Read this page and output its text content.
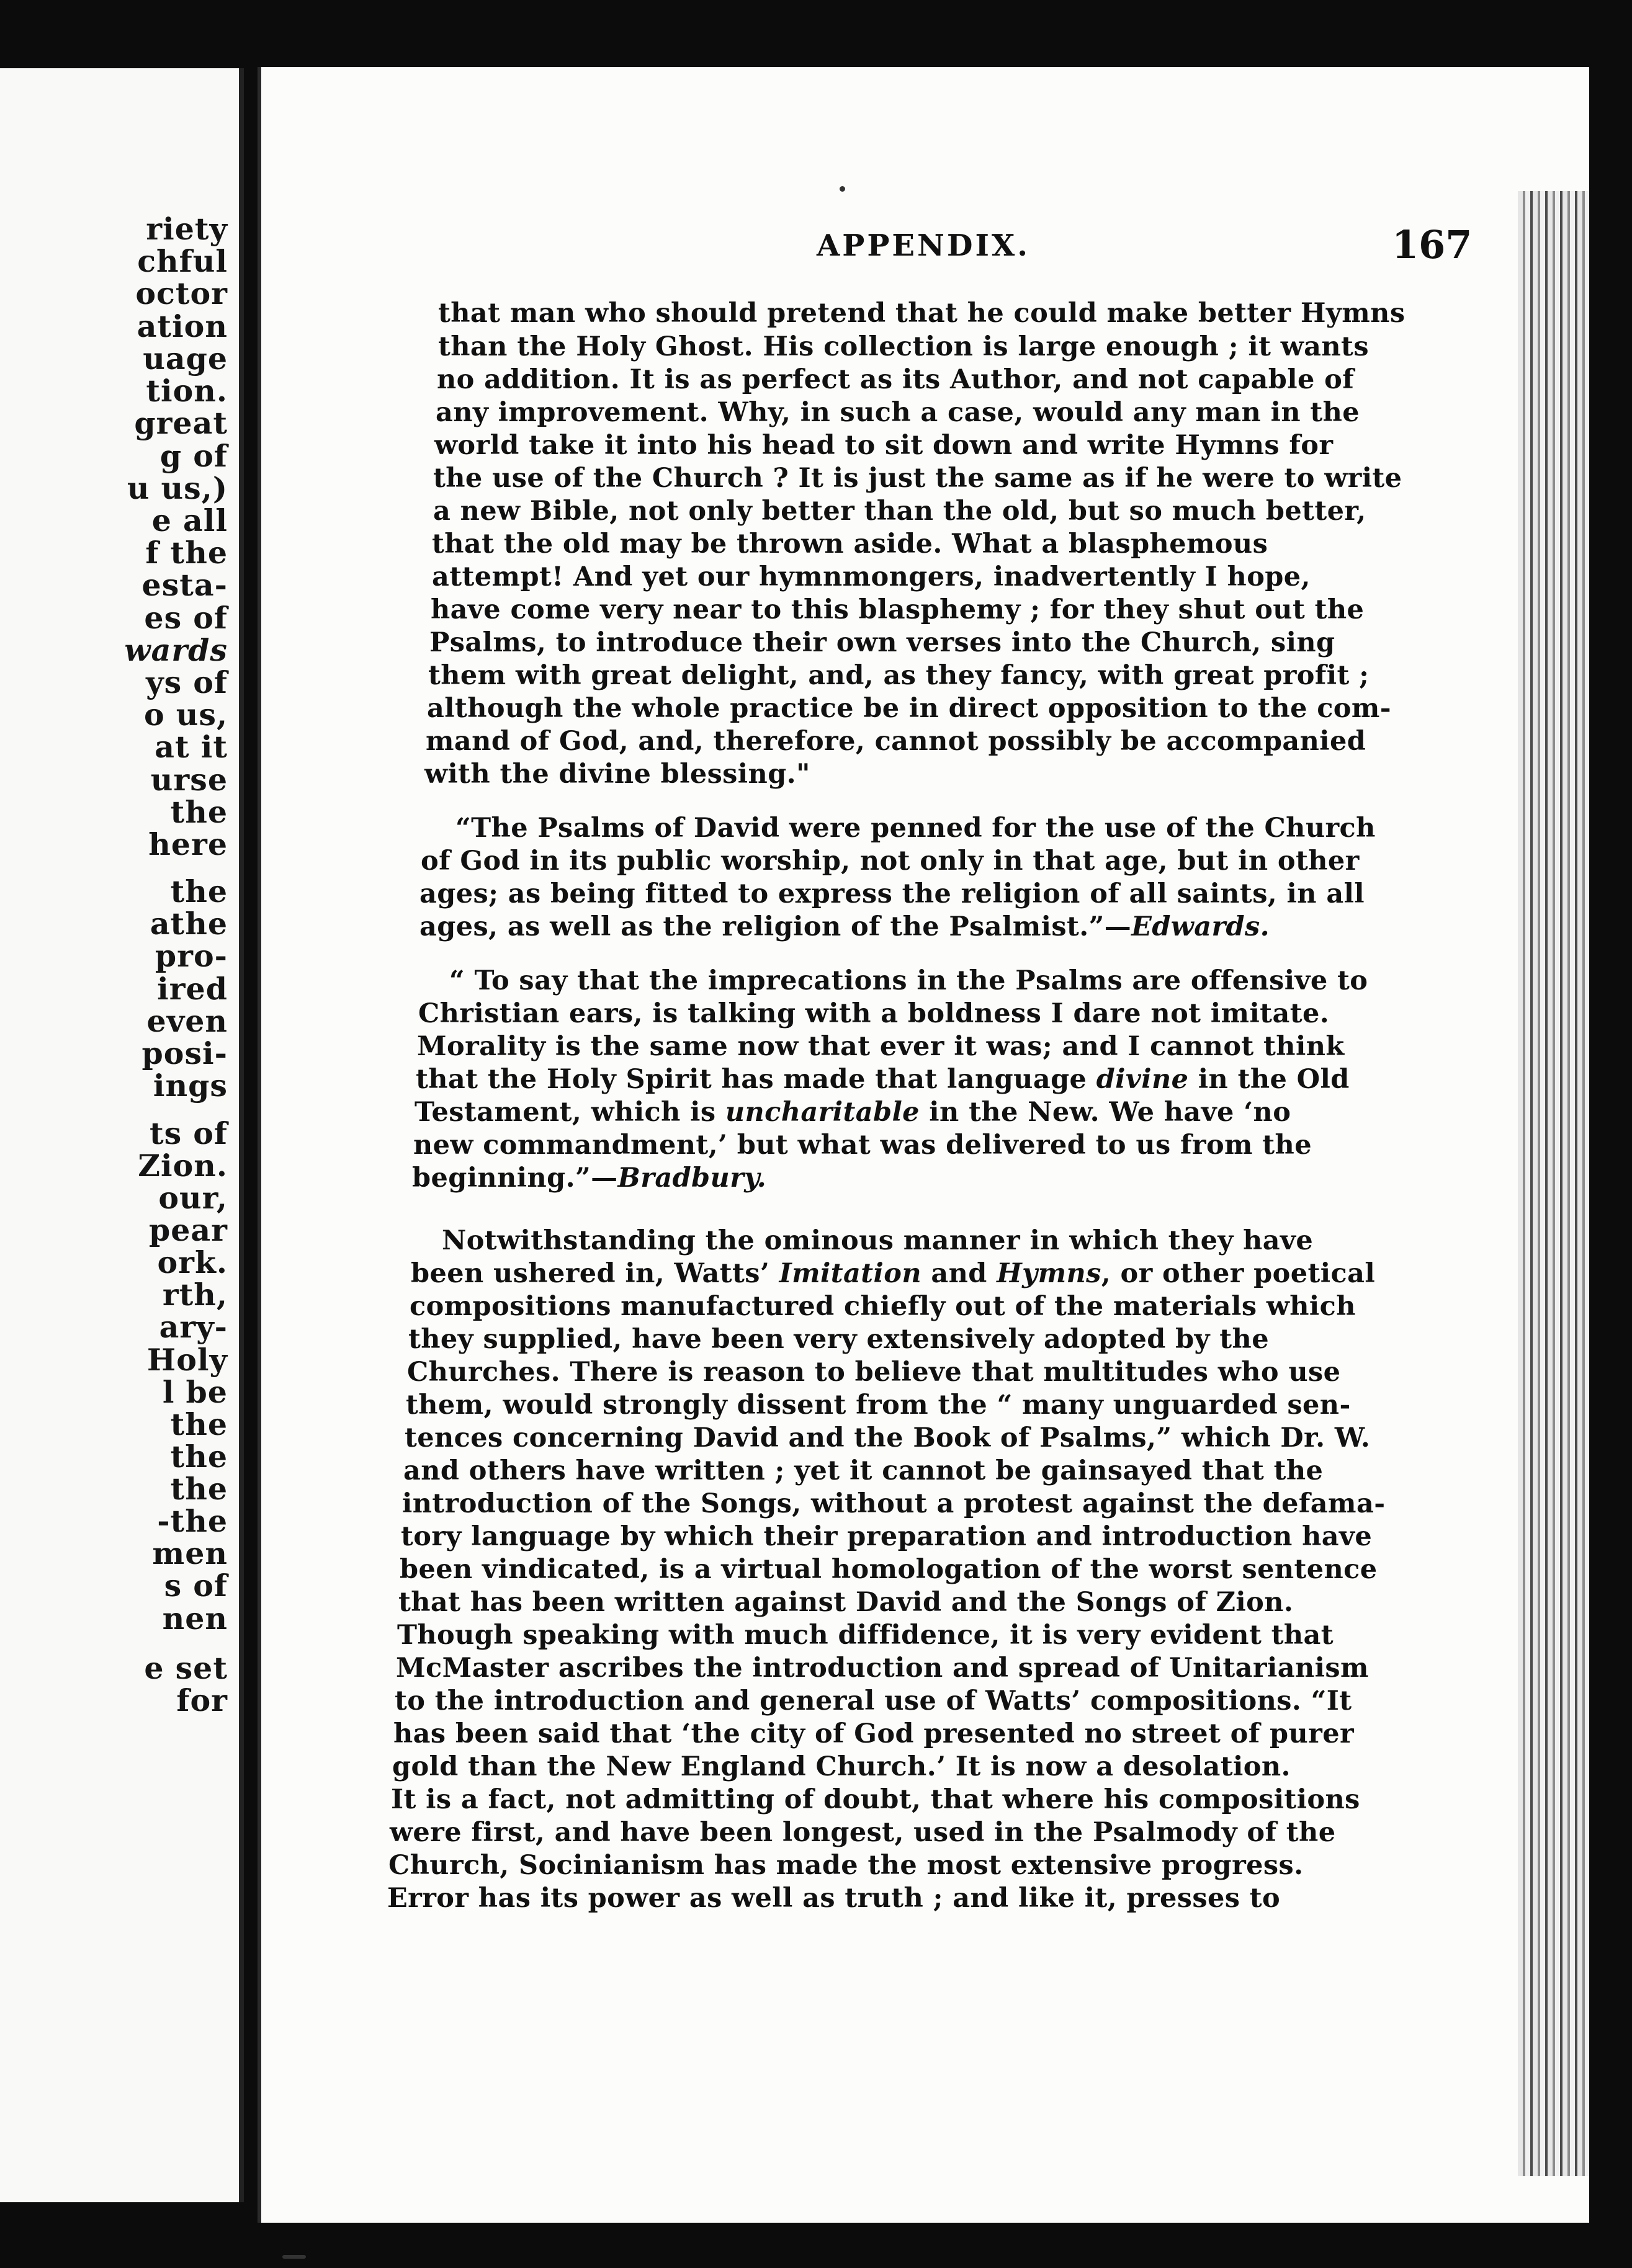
riety
chful
octor
ation
uage
tion.
great
g of
u us,)
e all
f the
esta-
es of
wards
ys of
o us,
at it
urse
the
here
the
athe
pro-
ired
even
posi-
ings
ts of
Zion.
our,
pear
ork.
rth,
ary-
Holy
l be
the
the
the
-the
men
s of
nen
e set
for
APPENDIX.	167
that man who should pretend that he could make better Hymns
than the Holy Ghost. His collection is large enough ; it wants
no addition. It is as perfect as its Author, and not capable of
any improvement. Why, in such a case, would any man in the
world take it into his head to sit down and write Hymns for
the use of the Church ? It is just the same as if he were to write
a new Bible, not only better than the old, but so much better,
that the old may be thrown aside. What a blasphemous
attempt! And yet our hymnmongers, inadvertently I hope,
have come very near to this blasphemy ; for they shut out the
Psalms, to introduce their own verses into the Church, sing
them with great delight, and, as they fancy, with great profit ;
although the whole practice be in direct opposition to the com-
mand of God, and, therefore, cannot possibly be accompanied
with the divine blessing."
“The Psalms of David were penned for the use of the Church
of God in its public worship, not only in that age, but in other
ages; as being fitted to express the religion of all saints, in all
ages, as well as the religion of the Psalmist.”—Edwards.
“ To say that the imprecations in the Psalms are offensive to
Christian ears, is talking with a boldness I dare not imitate.
Morality is the same now that ever it was; and I cannot think
that the Holy Spirit has made that language divine in the Old
Testament, which is uncharitable in the New. We have ‘no
new commandment,’ but what was delivered to us from the
beginning.”—Bradbury.
Notwithstanding the ominous manner in which they have
been ushered in, Watts’ Imitation and Hymns, or other poetical
compositions manufactured chiefly out of the materials which
they supplied, have been very extensively adopted by the
Churches. There is reason to believe that multitudes who use
them, would strongly dissent from the “ many unguarded sen-
tences concerning David and the Book of Psalms,” which Dr. W.
and others have written ; yet it cannot be gainsayed that the
introduction of the Songs, without a protest against the defama-
tory language by which their preparation and introduction have
been vindicated, is a virtual homologation of the worst sentence
that has been written against David and the Songs of Zion.
Though speaking with much diffidence, it is very evident that
McMaster ascribes the introduction and spread of Unitarianism
to the introduction and general use of Watts’ compositions. “It
has been said that ‘the city of God presented no street of purer
gold than the New England Church.’ It is now a desolation.
It is a fact, not admitting of doubt, that where his compositions
were first, and have been longest, used in the Psalmody of the
Church, Socinianism has made the most extensive progress.
Error has its power as well as truth ; and like it, presses to
